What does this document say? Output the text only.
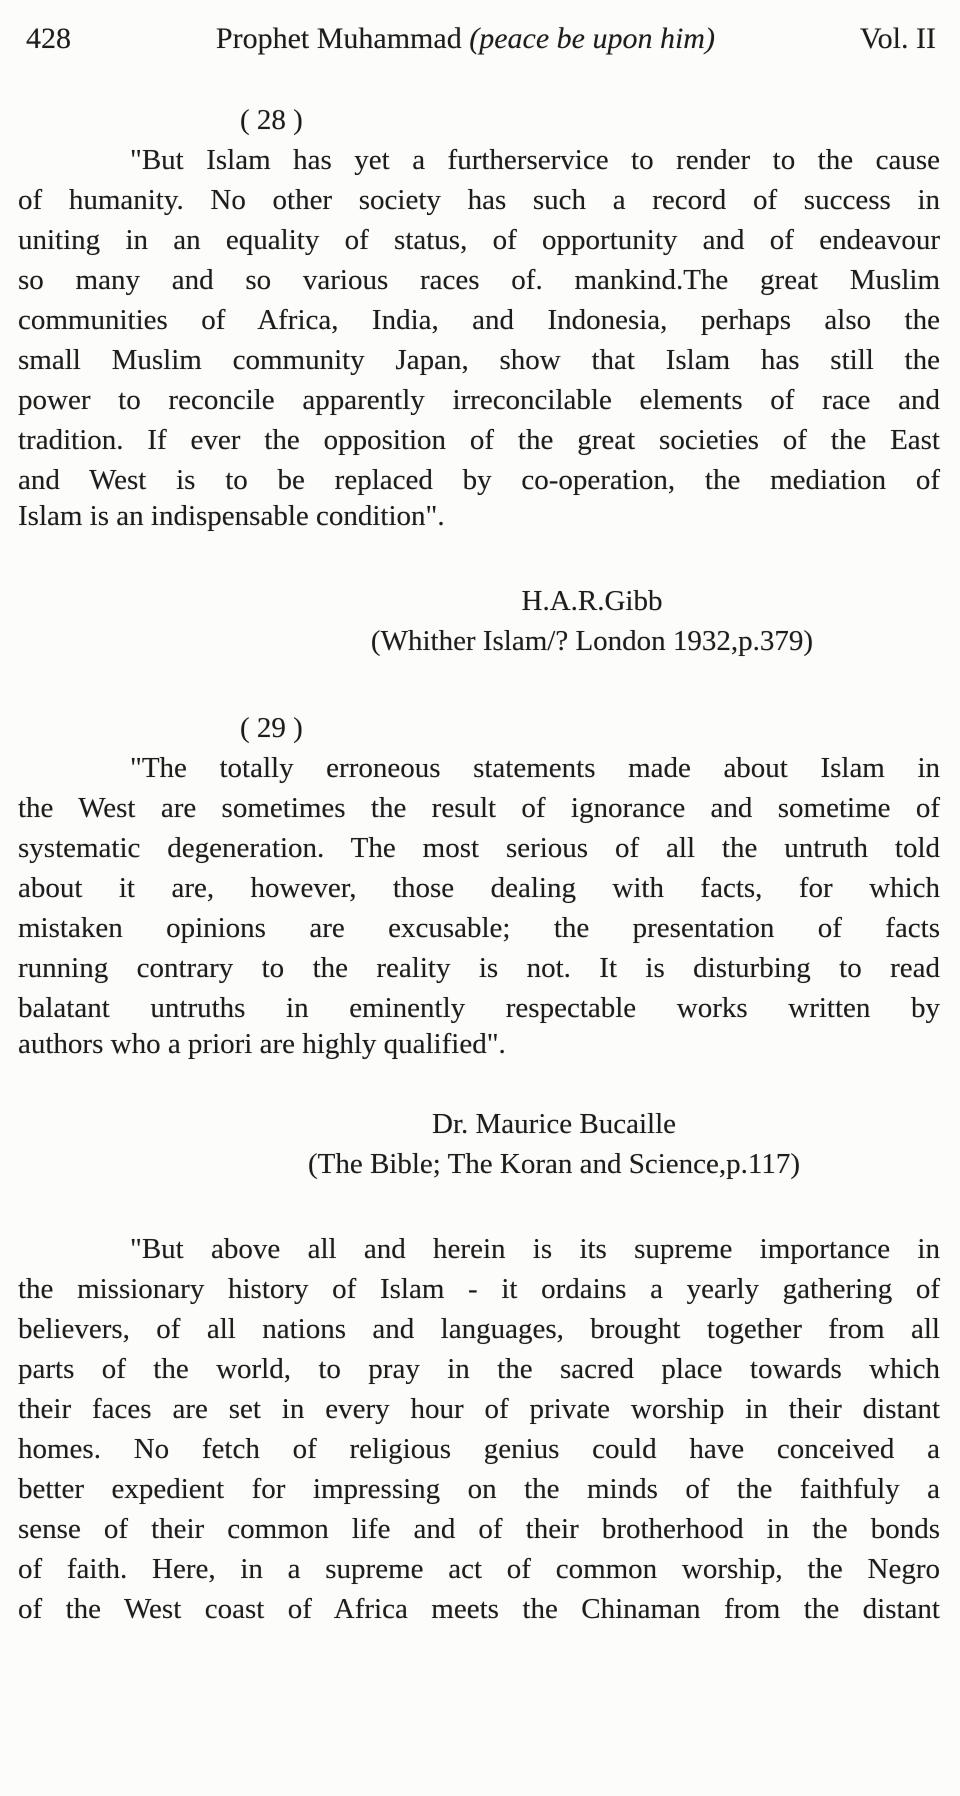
428	Prophet Muhammad (peace be upon him)	Vol. II
( 28 )
"But Islam has yet a furtherservice to render to the cause
of humanity. No other society has such a record of success in
uniting in an equality of status, of opportunity and of endeavour
so many and so various races of. mankind.The great Muslim
communities of Africa, India, and Indonesia, perhaps also the
small Muslim community Japan, show that Islam has still the
power to reconcile apparently irreconcilable elements of race and
tradition. If ever the opposition of the great societies of the East
and West is to be replaced by co-operation, the mediation of
Islam is an indispensable condition".
H.A.R.Gibb
(Whither Islam/? London 1932,p.379)
( 29 )
"The totally erroneous statements made about Islam in
the West are sometimes the result of ignorance and sometime of
systematic degeneration. The most serious of all the untruth told
about it are, however, those dealing with facts, for which
mistaken opinions are excusable; the presentation of facts
running contrary to the reality is not. It is disturbing to read
balatant untruths in eminently respectable works written by
authors who a priori are highly qualified".
Dr. Maurice Bucaille
(The Bible; The Koran and Science,p.117)
"But above all and herein is its supreme importance in
the missionary history of Islam - it ordains a yearly gathering of
believers, of all nations and languages, brought together from all
parts of the world, to pray in the sacred place towards which
their faces are set in every hour of private worship in their distant
homes. No fetch of religious genius could have conceived a
better expedient for impressing on the minds of the faithfuly a
sense of their common life and of their brotherhood in the bonds
of faith. Here, in a supreme act of common worship, the Negro
of the West coast of Africa meets the Chinaman from the distant
